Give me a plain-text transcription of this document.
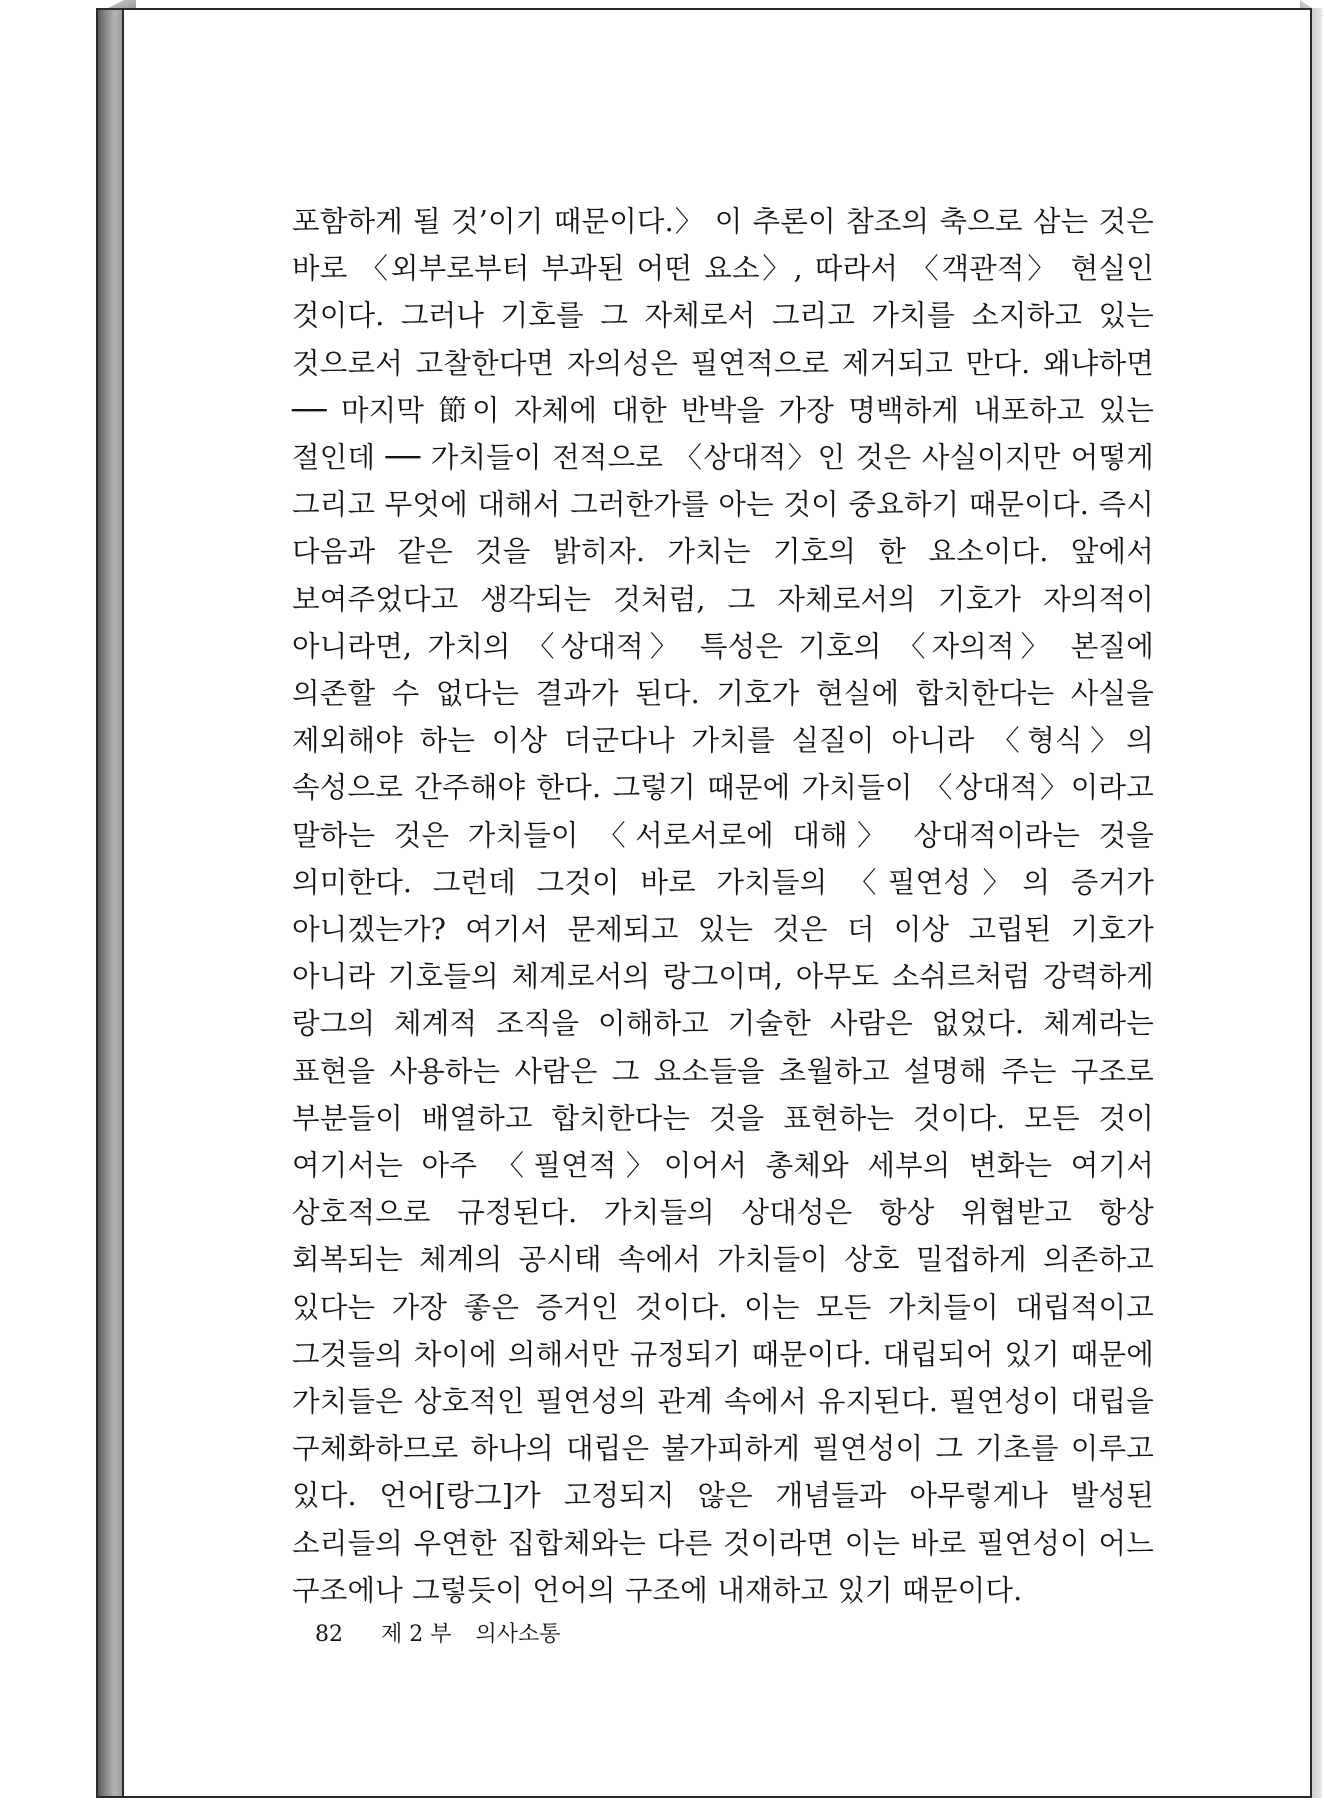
포함하게 될 것’이기 때문이다.〉 이 추론이 참조의 축으로 삼는 것은 바로 〈외부로부터 부과된 어떤 요소〉, 따라서 〈객관적〉 현실인 것이다. 그러나 기호를 그 자체로서 그리고 가치를 소지하고 있는 것으로서 고찰한다면 자의성은 필연적으로 제거되고 만다. 왜냐하면 ── 마지막 節이 자체에 대한 반박을 가장 명백하게 내포하고 있는 절인데 ── 가치들이 전적으로 〈상대적〉인 것은 사실이지만 어떻게 그리고 무엇에 대해서 그러한가를 아는 것이 중요하기 때문이다. 즉시 다음과 같은 것을 밝히자. 가치는 기호의 한 요소이다. 앞에서 보여주었다고 생각되는 것처럼, 그 자체로서의 기호가 자의적이 아니라면, 가치의 〈상대적〉 특성은 기호의 〈자의적〉 본질에 의존할 수 없다는 결과가 된다. 기호가 현실에 합치한다는 사실을 제외해야 하는 이상 더군다나 가치를 실질이 아니라 〈형식〉의 속성으로 간주해야 한다. 그렇기 때문에 가치들이 〈상대적〉이라고 말하는 것은 가치들이 〈서로서로에 대해〉 상대적이라는 것을 의미한다. 그런데 그것이 바로 가치들의 〈필연성〉의 증거가 아니겠는가? 여기서 문제되고 있는 것은 더 이상 고립된 기호가 아니라 기호들의 체계로서의 랑그이며, 아무도 소쉬르처럼 강력하게 랑그의 체계적 조직을 이해하고 기술한 사람은 없었다. 체계라는 표현을 사용하는 사람은 그 요소들을 초월하고 설명해 주는 구조로 부분들이 배열하고 합치한다는 것을 표현하는 것이다. 모든 것이 여기서는 아주 〈필연적〉이어서 총체와 세부의 변화는 여기서 상호적으로 규정된다. 가치들의 상대성은 항상 위협받고 항상 회복되는 체계의 공시태 속에서 가치들이 상호 밀접하게 의존하고 있다는 가장 좋은 증거인 것이다. 이는 모든 가치들이 대립적이고 그것들의 차이에 의해서만 규정되기 때문이다. 대립되어 있기 때문에 가치들은 상호적인 필연성의 관계 속에서 유지된다. 필연성이 대립을 구체화하므로 하나의 대립은 불가피하게 필연성이 그 기초를 이루고 있다. 언어[랑그]가 고정되지 않은 개념들과 아무렇게나 발성된 소리들의 우연한 집합체와는 다른 것이라면 이는 바로 필연성이 어느 구조에나 그렇듯이 언어의 구조에 내재하고 있기 때문이다.

82 제 2 부 의사소통
